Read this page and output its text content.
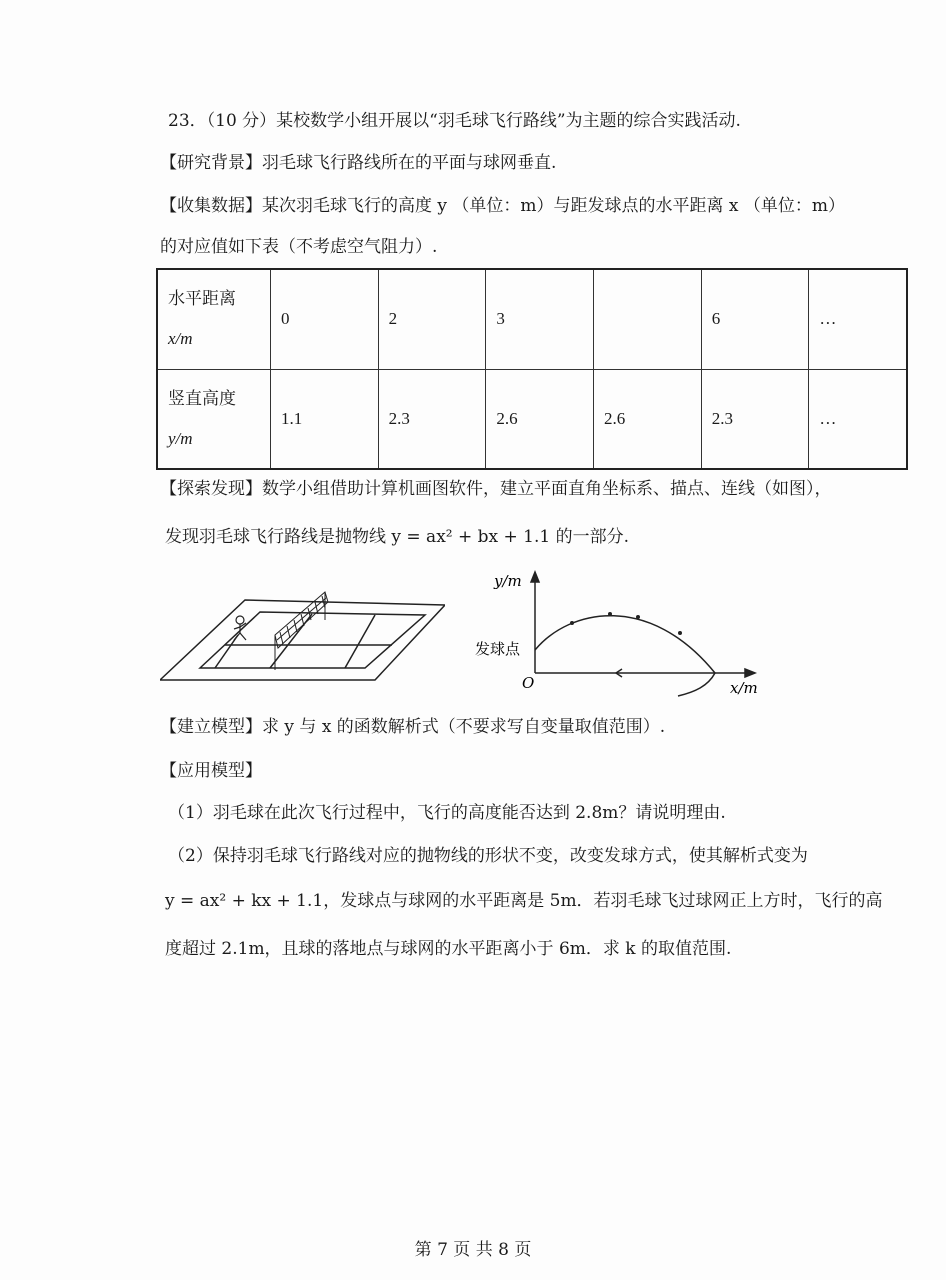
23．（10 分）某校数学小组开展以“羽毛球飞行路线”为主题的综合实践活动.
【研究背景】羽毛球飞行路线所在的平面与球网垂直.
【收集数据】某次羽毛球飞行的高度 y （单位：m）与距发球点的水平距离 x （单位：m）
的对应值如下表（不考虑空气阻力）.
水平距离
x/m	0	2	3		6	…

竖直高度
y/m	1.1	2.3	2.6	2.6	2.3	…
【探索发现】数学小组借助计算机画图软件，建立平面直角坐标系、描点、连线（如图），
发现羽毛球飞行路线是抛物线 y = ax² + bx + 1.1 的一部分.
y/m
x/m
O
发球点
【建立模型】求 y 与 x 的函数解析式（不要求写自变量取值范围）.
【应用模型】
（1）羽毛球在此次飞行过程中，飞行的高度能否达到 2.8m？请说明理由.
（2）保持羽毛球飞行路线对应的抛物线的形状不变，改变发球方式，使其解析式变为
y = ax² + kx + 1.1，发球点与球网的水平距离是 5m．若羽毛球飞过球网正上方时，飞行的高
度超过 2.1m，且球的落地点与球网的水平距离小于 6m．求 k 的取值范围.
第 7 页 共 8 页
